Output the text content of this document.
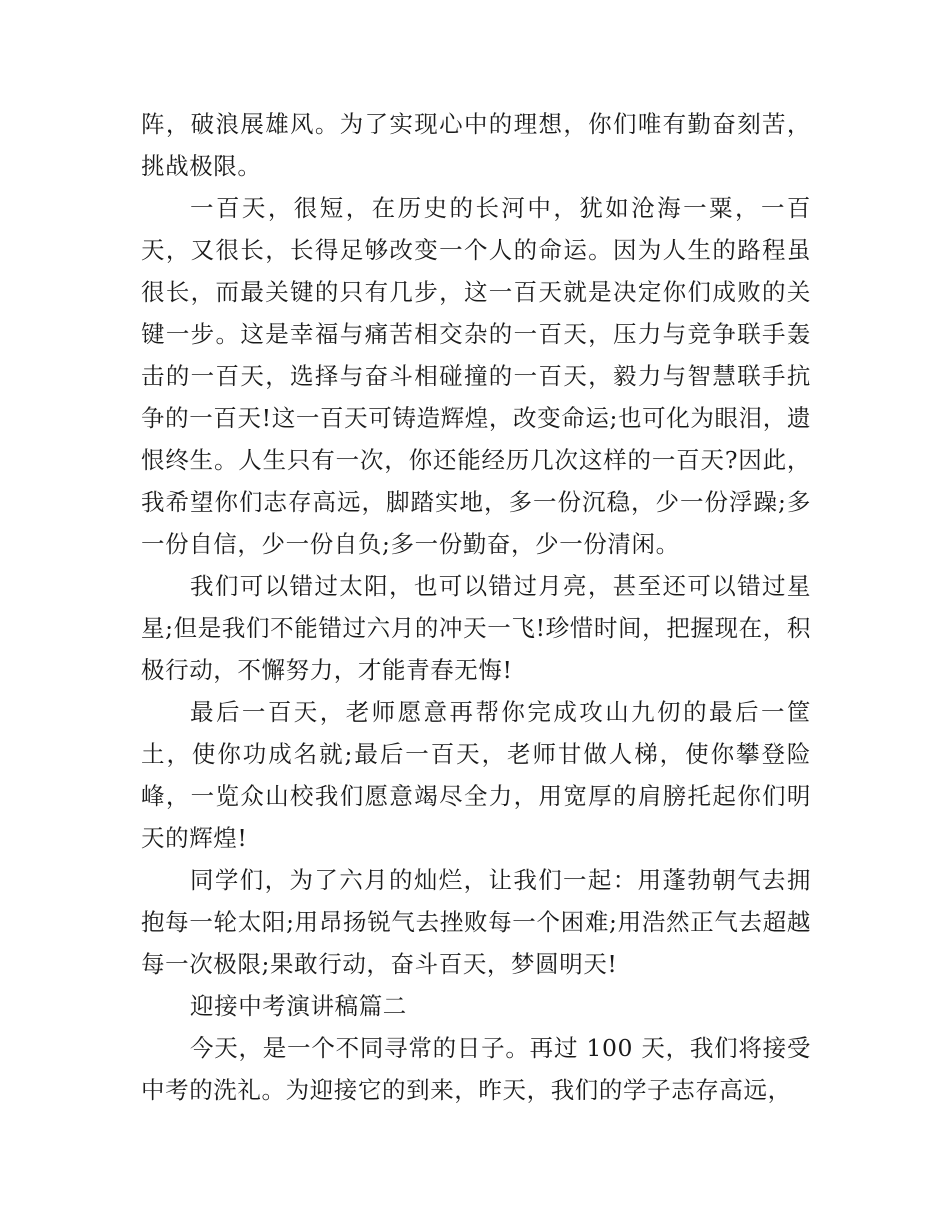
阵，破浪展雄风。为了实现心中的理想，你们唯有勤奋刻苦，挑战极限。

一百天，很短，在历史的长河中，犹如沧海一粟，一百天，又很长，长得足够改变一个人的命运。因为人生的路程虽很长，而最关键的只有几步，这一百天就是决定你们成败的关键一步。这是幸福与痛苦相交杂的一百天，压力与竞争联手轰击的一百天，选择与奋斗相碰撞的一百天，毅力与智慧联手抗争的一百天!这一百天可铸造辉煌，改变命运;也可化为眼泪，遗恨终生。人生只有一次，你还能经历几次这样的一百天?因此，我希望你们志存高远，脚踏实地，多一份沉稳，少一份浮躁;多一份自信，少一份自负;多一份勤奋，少一份清闲。

我们可以错过太阳，也可以错过月亮，甚至还可以错过星星;但是我们不能错过六月的冲天一飞!珍惜时间，把握现在，积极行动，不懈努力，才能青春无悔!

最后一百天，老师愿意再帮你完成攻山九仞的最后一筐土，使你功成名就;最后一百天，老师甘做人梯，使你攀登险峰，一览众山校我们愿意竭尽全力，用宽厚的肩膀托起你们明天的辉煌!

同学们，为了六月的灿烂，让我们一起：用蓬勃朝气去拥抱每一轮太阳;用昂扬锐气去挫败每一个困难;用浩然正气去超越每一次极限;果敢行动，奋斗百天，梦圆明天!

迎接中考演讲稿篇二

今天，是一个不同寻常的日子。再过 100 天，我们将接受中考的洗礼。为迎接它的到来，昨天，我们的学子志存高远，
